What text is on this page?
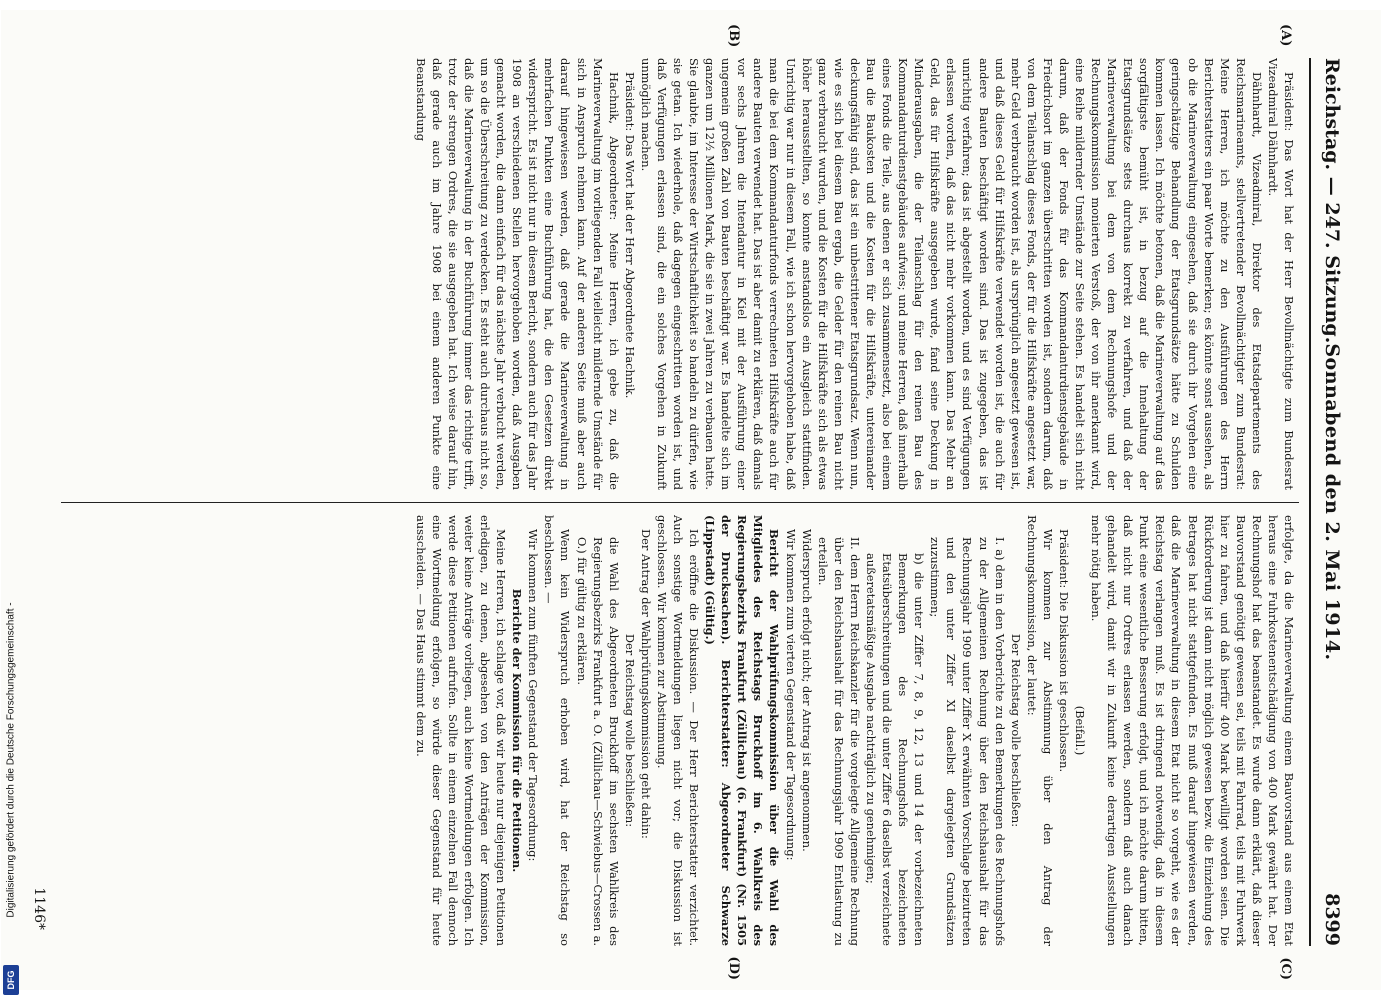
Reichstag. — 247. Sitzung.
Sonnabend den 2. Mai 1914.
8399
(A)
(B)
(C)
(D)

Präsident: Das Wort hat der Herr Bevollmächtigte zum Bundesrat Vizeadmiral Dähnhardt.

Dähnhardt, Vizeadmiral, Direktor des Etatsdepartements des Reichsmarineamts, stellvertretender Bevollmächtigter zum Bundesrat: Meine Herren, ich möchte zu den Ausführungen des Herrn Berichterstatters ein paar Worte bemerken; es könnte sonst aussehen, als ob die Marineverwaltung eingesehen, daß sie durch ihr Vorgehen eine geringschätzige Behandlung der Etatsgrundsätze hätte zu Schulden kommen lassen. Ich möchte betonen, daß die Marineverwaltung auf das sorgfältigste bemüht ist, in bezug auf die Innehaltung der Etatsgrundsätze stets durchaus korrekt zu verfahren, und daß der Marineverwaltung bei dem von dem Rechnungshofe und der Rechnungskommission monierten Verstoß, der von ihr anerkannt wird, eine Reihe mildernder Umstände zur Seite stehen. Es handelt sich nicht darum, daß der Fonds für das Kommandanturdienstgebäude in Friedrichsort im ganzen überschritten worden ist, sondern darum, daß von dem Teilanschlag dieses Fonds, der für die Hilfskräfte angesetzt war, mehr Geld verbraucht worden ist, als ursprünglich angesetzt gewesen ist, und daß dieses Geld für Hilfskräfte verwendet worden ist, die auch für andere Bauten beschäftigt worden sind. Das ist zugegeben, das ist unrichtig verfahren; das ist abgestellt worden, und es sind Verfügungen erlassen worden, daß das nicht mehr vorkommen kann. Das Mehr an Geld, das für Hilfskräfte ausgegeben wurde, fand seine Deckung in Minderausgaben, die der Teilanschlag für den reinen Bau des Kommandanturdienstgebäudes aufwies; und meine Herren, daß innerhalb eines Fonds die Teile, aus denen er sich zusammensetzt, also bei einem Bau die Baukosten und die Kosten für die Hilfskräfte, untereinander deckungsfähig sind, das ist ein unbestrittener Etatsgrundsatz. Wenn nun, wie es sich bei diesem Bau ergab, die Gelder für den reinen Bau nicht ganz verbraucht wurden, und die Kosten für die Hilfskräfte sich als etwas höher herausstellten, so konnte anstandslos ein Ausgleich stattfinden. Unrichtig war nur in diesem Fall, wie ich schon hervorgehoben habe, daß man die bei dem Kommandanturfonds verrechneten Hilfskräfte auch für andere Bauten verwendet hat. Das ist aber damit zu erklären, daß damals vor sechs Jahren die Intendantur in Kiel mit der Ausführung einer ungemein großen Zahl von Bauten beschäftigt war. Es handelte sich im ganzen um 12½ Millionen Mark, die sie in zwei Jahren zu verbauen hatte. Sie glaubte, im Interesse der Wirtschaftlichkeit so handeln zu dürfen, wie sie getan. Ich wiederhole, daß dagegen eingeschritten worden ist, und daß Verfügungen erlassen sind, die ein solches Vorgehen in Zukunft unmöglich machen.

Präsident: Das Wort hat der Herr Abgeordnete Hachnik.

Hachnik, Abgeordneter: Meine Herren, ich gebe zu, daß die Marineverwaltung im vorliegenden Fall vielleicht mildernde Umstände für sich in Anspruch nehmen kann. Auf der anderen Seite muß aber auch darauf hingewiesen werden, daß gerade die Marineverwaltung in mehrfachen Punkten eine Buchführung hat, die den Gesetzen direkt widerspricht. Es ist nicht nur in diesem Bericht, sondern auch für das Jahr 1908 an verschiedenen Stellen hervorgehoben worden, daß Ausgaben gemacht worden, die dann einfach für das nächste Jahr verbucht werden, um so die Überschreitung zu verdecken. Es steht auch durchaus nicht so, daß die Marineverwaltung in der Buchführung immer das richtige trifft, trotz der strengen Ordres, die sie ausgegeben hat. Ich weise darauf hin, daß gerade auch im Jahre 1908 bei einem anderen Punkte eine Beanstandung

erfolgte, da die Marineverwaltung einem Bauvorstand aus einem Etat heraus eine Fuhrkostenentschädigung von 400 Mark gewährt hat. Der Rechnungshof hat das beanstandet. Es wurde dann erklärt, daß dieser Bauvorstand genötigt gewesen sei, teils mit Fahrrad, teils mit Fuhrwerk hier zu fahren, und daß hierfür 400 Mark bewilligt worden seien. Die Rückforderung ist dann nicht möglich gewesen bezw. die Einziehung des Betrages hat nicht stattgefunden. Es muß darauf hingewiesen werden, daß die Marineverwaltung in diesem Etat nicht so vorgeht, wie es der Reichstag verlangen muß. Es ist dringend notwendig, daß in diesem Punkt eine wesentliche Besserung erfolgt, und ich möchte darum bitten, daß nicht nur Ordres erlassen werden, sondern daß auch danach gehandelt wird, damit wir in Zukunft keine derartigen Ausstellungen mehr nötig haben.

(Beifall.)

Präsident: Die Diskussion ist geschlossen.

Wir kommen zur Abstimmung über den Antrag der Rechnungskommission, der lautet:

Der Reichstag wolle beschließen:

I. a) dem in den Vorberichte zu den Bemerkungen des Rechnungshofs zu der Allgemeinen Rechnung über den Reichshaushalt für das Rechnungsjahr 1909 unter Ziffer X erwähnten Vorschlage beizutreten und den unter Ziffer XI daselbst dargelegten Grundsätzen zuzustimmen;

b) die unter Ziffer 7, 8, 9, 12, 13 und 14 der vorbezeichneten Bemerkungen des Rechnungshofs bezeichneten Etatsüberschreitungen und die unter Ziffer 6 daselbst verzeichnete außeretatsmäßige Ausgabe nachträglich zu genehmigen;

II. dem Herrn Reichskanzler für die vorgelegte Allgemeine Rechnung über den Reichshaushalt für das Rechnungsjahr 1909 Entlastung zu erteilen.

Widerspruch erfolgt nicht; der Antrag ist angenommen.

Wir kommen zum vierten Gegenstand der Tagesordnung:

Bericht der Wahlprüfungskommission über die Wahl des Mitgliedes des Reichstags Bruckhoff im 6. Wahlkreis des Regierungsbezirks Frankfurt (Züllichau) (6. Frankfurt) (Nr. 1505 der Drucksachen). Berichterstatter: Abgeordneter Schwarze (Lippstadt) (Gültig.)

Ich eröffne die Diskussion. — Der Herr Berichterstatter verzichtet. Auch sonstige Wortmeldungen liegen nicht vor; die Diskussion ist geschlossen. Wir kommen zur Abstimmung.

Der Antrag der Wahlprüfungskommission geht dahin:

Der Reichstag wolle beschließen:

die Wahl des Abgeordneten Bruckhoff im sechsten Wahlkreis des Regierungsbezirks Frankfurt a. O. (Züllichau—Schwiebus—Crossen a. O.) für gültig zu erklären.

Wenn kein Widerspruch erhoben wird, hat der Reichstag so beschlossen. —

Wir kommen zum fünften Gegenstand der Tagesordnung:

Berichte der Kommission für die Petitionen.

Meine Herren, ich schlage vor, daß wir heute nur diejenigen Petitionen erledigen, zu denen, abgesehen von den Anträgen der Kommission, weiter keine Anträge vorliegen, auch keine Wortmeldungen erfolgen. Ich werde diese Petitionen aufrufen. Sollte in einem einzelnen Fall dennoch eine Wortmeldung erfolgen, so würde dieser Gegenstand für heute ausscheiden. — Das Haus stimmt dem zu.

1146*
Digitalisierung gefördert durch die Deutsche Forschungsgemeinschaft -
DFG
